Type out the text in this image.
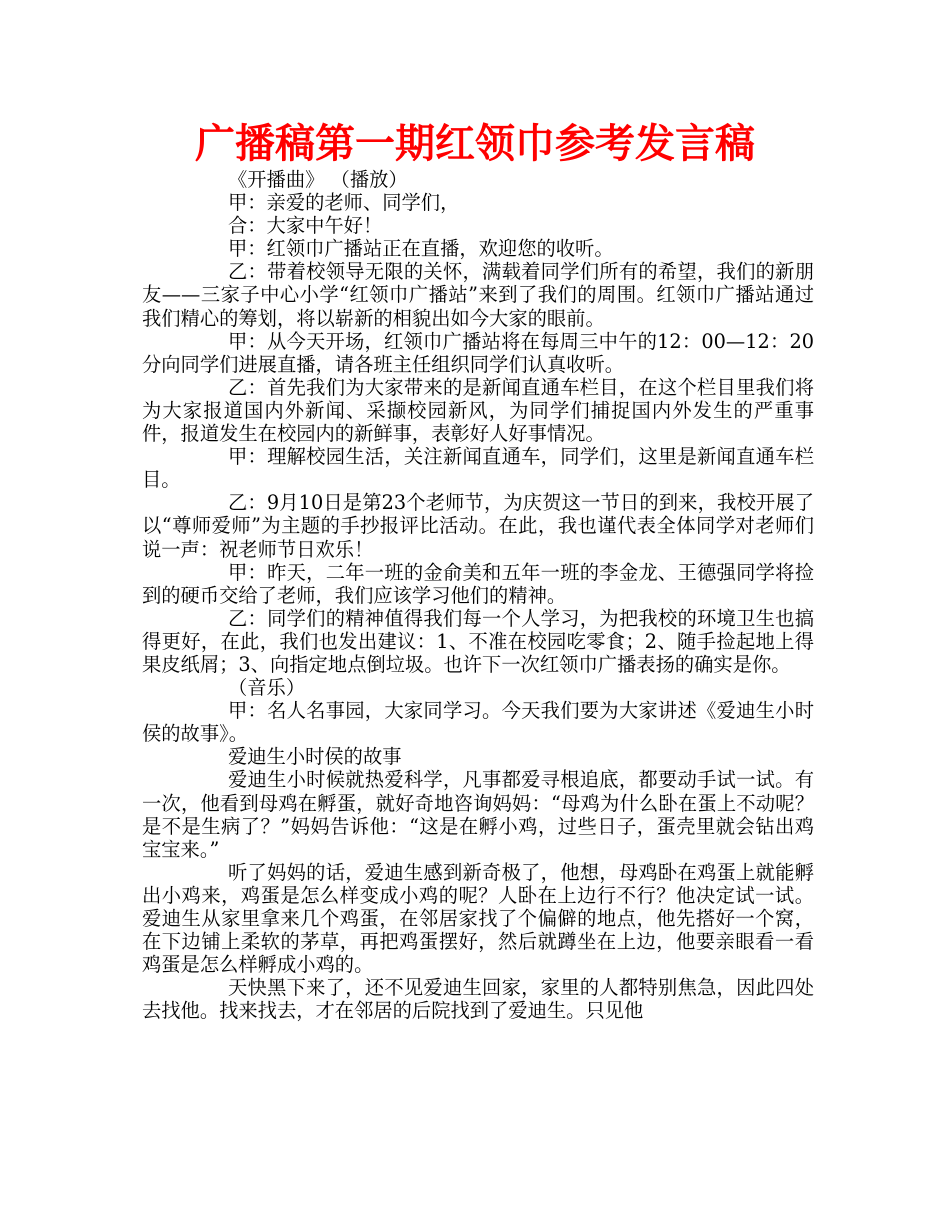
广播稿第一期红领巾参考发言稿

《开播曲》 （播放）

甲：亲爱的老师、同学们，

合：大家中午好！

甲：红领巾广播站正在直播，欢迎您的收听。

乙：带着校领导无限的关怀，满载着同学们所有的希望，我们的新朋友——三家子中心小学“红领巾广播站”来到了我们的周围。红领巾广播站通过我们精心的筹划，将以崭新的相貌出如今大家的眼前。

甲：从今天开场，红领巾广播站将在每周三中午的12：00—12：20分向同学们进展直播，请各班主任组织同学们认真收听。

乙：首先我们为大家带来的是新闻直通车栏目，在这个栏目里我们将为大家报道国内外新闻、采撷校园新风，为同学们捕捉国内外发生的严重事件，报道发生在校园内的新鲜事，表彰好人好事情况。

甲：理解校园生活，关注新闻直通车，同学们，这里是新闻直通车栏目。

乙：9月10日是第23个老师节，为庆贺这一节日的到来，我校开展了以“尊师爱师”为主题的手抄报评比活动。在此，我也谨代表全体同学对老师们说一声：祝老师节日欢乐！

甲：昨天，二年一班的金俞美和五年一班的李金龙、王德强同学将捡到的硬币交给了老师，我们应该学习他们的精神。

乙：同学们的精神值得我们每一个人学习，为把我校的环境卫生也搞得更好，在此，我们也发出建议：1、不准在校园吃零食；2、随手捡起地上得果皮纸屑；3、向指定地点倒垃圾。也许下一次红领巾广播表扬的确实是你。

（音乐）

甲：名人名事园，大家同学习。今天我们要为大家讲述《爱迪生小时侯的故事》。

爱迪生小时侯的故事

爱迪生小时候就热爱科学，凡事都爱寻根追底，都要动手试一试。有一次，他看到母鸡在孵蛋，就好奇地咨询妈妈：“母鸡为什么卧在蛋上不动呢？是不是生病了？”妈妈告诉他：“这是在孵小鸡，过些日子，蛋壳里就会钻出鸡宝宝来。”

听了妈妈的话，爱迪生感到新奇极了，他想，母鸡卧在鸡蛋上就能孵出小鸡来，鸡蛋是怎么样变成小鸡的呢？人卧在上边行不行？他决定试一试。爱迪生从家里拿来几个鸡蛋，在邻居家找了个偏僻的地点，他先搭好一个窝，在下边铺上柔软的茅草，再把鸡蛋摆好，然后就蹲坐在上边，他要亲眼看一看鸡蛋是怎么样孵成小鸡的。

天快黑下来了，还不见爱迪生回家，家里的人都特别焦急，因此四处去找他。找来找去，才在邻居的后院找到了爱迪生。只见他
